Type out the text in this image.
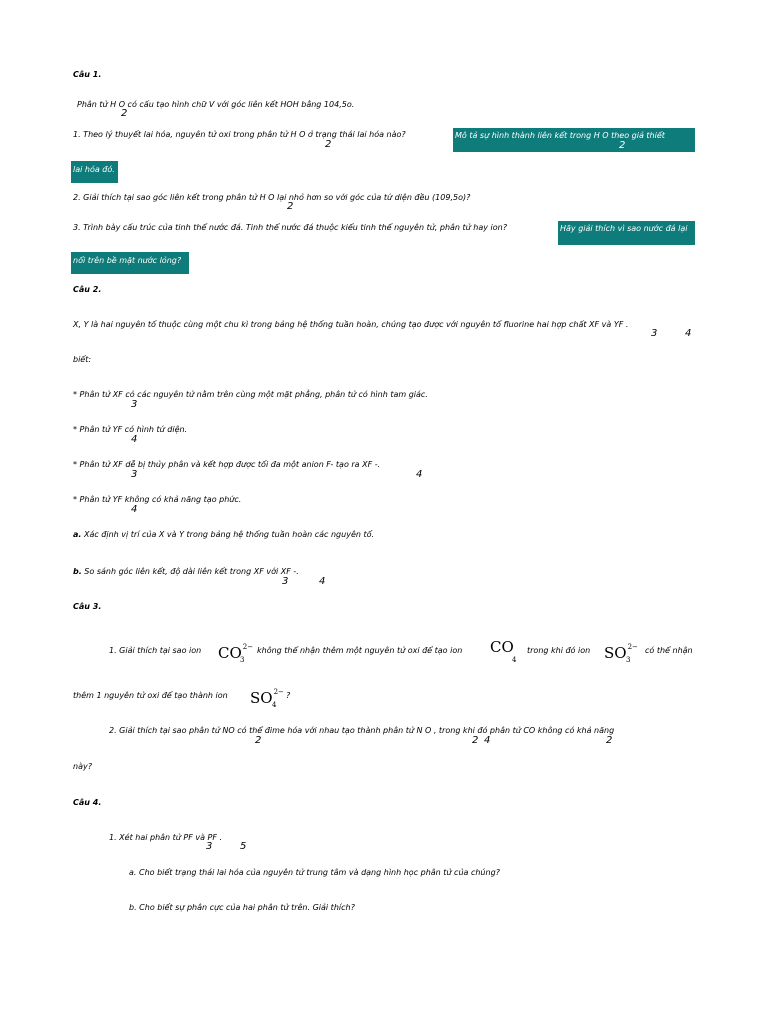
Câu 1.
Phân tử H O có cấu tạo hình chữ V với góc liên kết HOH bằng 104,5o.
2
1. Theo lý thuyết lai hóa, nguyên tử oxi trong phân tử H O ở trạng thái lai hóa nào?
2
Mô tả sự hình thành liên kết trong H O theo giả thiết
2
lai hóa đó.
2. Giải thích tại sao góc liên kết trong phân tử H O lại nhỏ hơn so với góc của tứ diện đều (109,5o)?
2
3. Trình bày cấu trúc của tinh thể nước đá. Tinh thể nước đá thuộc kiểu tinh thể nguyên tử, phân tử hay ion?	Hãy giải thích vì sao nước đá lại
nổi trên bề mặt nước lỏng?
Câu 2.
X, Y là hai nguyên tố thuộc cùng một chu kì trong bảng hệ thống tuần hoàn, chúng tạo được với nguyên tố fluorine hai hợp chất XF và YF .
3	4
biết:
* Phân tử XF có các nguyên tử nằm trên cùng một mặt phẳng, phân tử có hình tam giác.
3
* Phân tử YF có hình tứ diện.
4
* Phân tử XF dễ bị thủy phân và kết hợp được tối đa một anion F- tạo ra XF -.
3	4
* Phân tử YF không có khả năng tạo phức.
4
a. Xác định vị trí của X và Y trong bảng hệ thống tuần hoàn các nguyên tố.
b. So sánh góc liên kết, độ dài liên kết trong XF với XF -.
3	4
Câu 3.
1. Giải thích tại sao ion $CO^{2-}$
3
không thể nhận thêm một nguyên tử oxi để tạo ion CO
4
trong khi đó ion $SO^{2-}$
3
có thể nhận
thêm 1 nguyên tử oxi để tạo thành ion $SO^{2-}$
4
?
2. Giải thích tại sao phân tử NO có thể đime hóa với nhau tạo thành phân tử N O , trong khi đó phân tử CO không có khả năng
2	2 4	2
này?
Câu 4.
1. Xét hai phân tử PF và PF .
3	5
a. Cho biết trạng thái lai hóa của nguyên tử trung tâm và dạng hình học phân tử của chúng?
b. Cho biết sự phân cực của hai phân tử trên. Giải thích?
